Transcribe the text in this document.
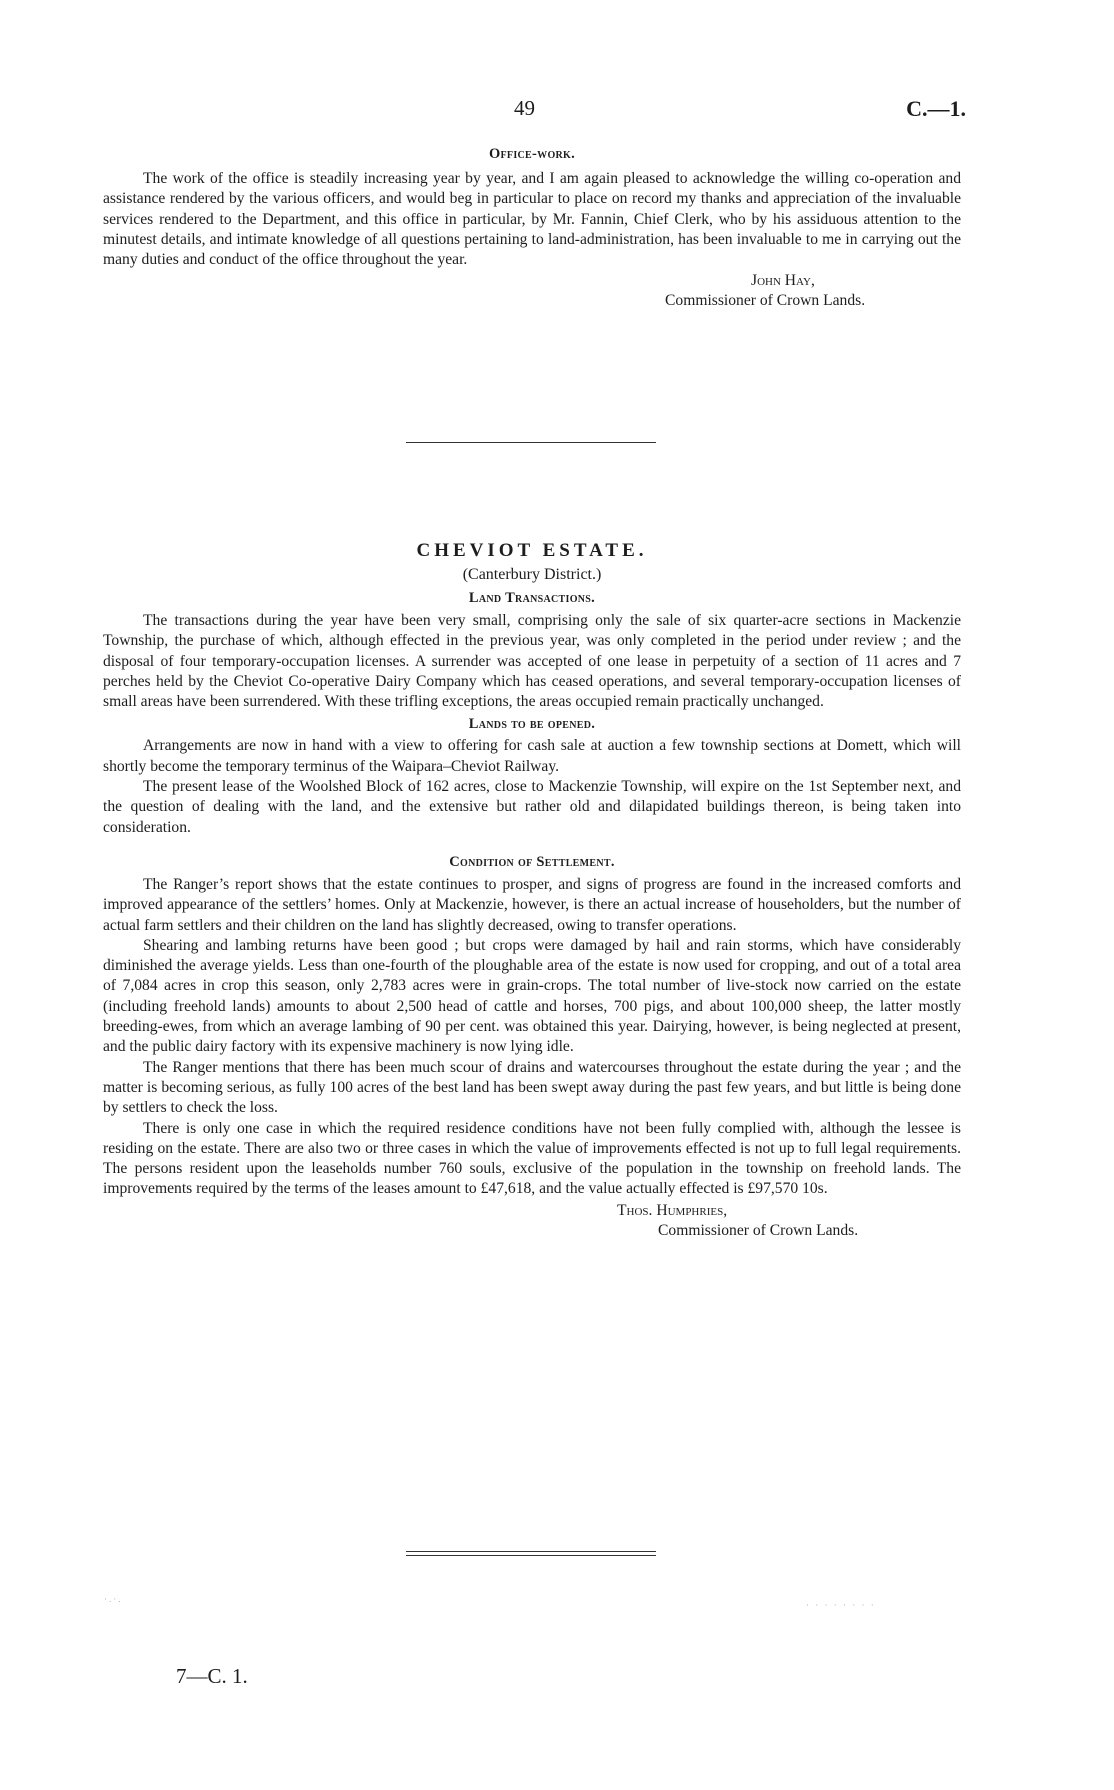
49	C.—1.
Office-work.

The work of the office is steadily increasing year by year, and I am again pleased to acknowledge the willing co-operation and assistance rendered by the various officers, and would beg in particular to place on record my thanks and appreciation of the invaluable services rendered to the Department, and this office in particular, by Mr. Fannin, Chief Clerk, who by his assiduous attention to the minutest details, and intimate knowledge of all questions pertaining to land-administration, has been invaluable to me in carrying out the many duties and conduct of the office throughout the year.

John Hay,
Commissioner of Crown Lands.
CHEVIOT ESTATE.
(Canterbury District.)
Land Transactions.

The transactions during the year have been very small, comprising only the sale of six quarter-acre sections in Mackenzie Township, the purchase of which, although effected in the previous year, was only completed in the period under review ; and the disposal of four temporary-occupation licenses. A surrender was accepted of one lease in perpetuity of a section of 11 acres and 7 perches held by the Cheviot Co-operative Dairy Company which has ceased operations, and several temporary-occupation licenses of small areas have been surrendered. With these trifling exceptions, the areas occupied remain practically unchanged.

Lands to be opened.

Arrangements are now in hand with a view to offering for cash sale at auction a few township sections at Domett, which will shortly become the temporary terminus of the Waipara–Cheviot Railway.

The present lease of the Woolshed Block of 162 acres, close to Mackenzie Township, will expire on the 1st September next, and the question of dealing with the land, and the extensive but rather old and dilapidated buildings thereon, is being taken into consideration.

Condition of Settlement.

The Ranger’s report shows that the estate continues to prosper, and signs of progress are found in the increased comforts and improved appearance of the settlers’ homes. Only at Mackenzie, however, is there an actual increase of householders, but the number of actual farm settlers and their children on the land has slightly decreased, owing to transfer operations.

Shearing and lambing returns have been good ; but crops were damaged by hail and rain storms, which have considerably diminished the average yields. Less than one-fourth of the ploughable area of the estate is now used for cropping, and out of a total area of 7,084 acres in crop this season, only 2,783 acres were in grain-crops. The total number of live-stock now carried on the estate (including freehold lands) amounts to about 2,500 head of cattle and horses, 700 pigs, and about 100,000 sheep, the latter mostly breeding-ewes, from which an average lambing of 90 per cent. was obtained this year. Dairying, however, is being neglected at present, and the public dairy factory with its expensive machinery is now lying idle.

The Ranger mentions that there has been much scour of drains and watercourses throughout the estate during the year ; and the matter is becoming serious, as fully 100 acres of the best land has been swept away during the past few years, and but little is being done by settlers to check the loss.

There is only one case in which the required residence conditions have not been fully complied with, although the lessee is residing on the estate. There are also two or three cases in which the value of improvements effected is not up to full legal requirements. The persons resident upon the leaseholds number 760 souls, exclusive of the population in the township on freehold lands. The improvements required by the terms of the leases amount to £47,618, and the value actually effected is £97,570 10s.

Thos. Humphries,
Commissioner of Crown Lands.
7—C. 1.
·.·.
· · · · · · · ·
